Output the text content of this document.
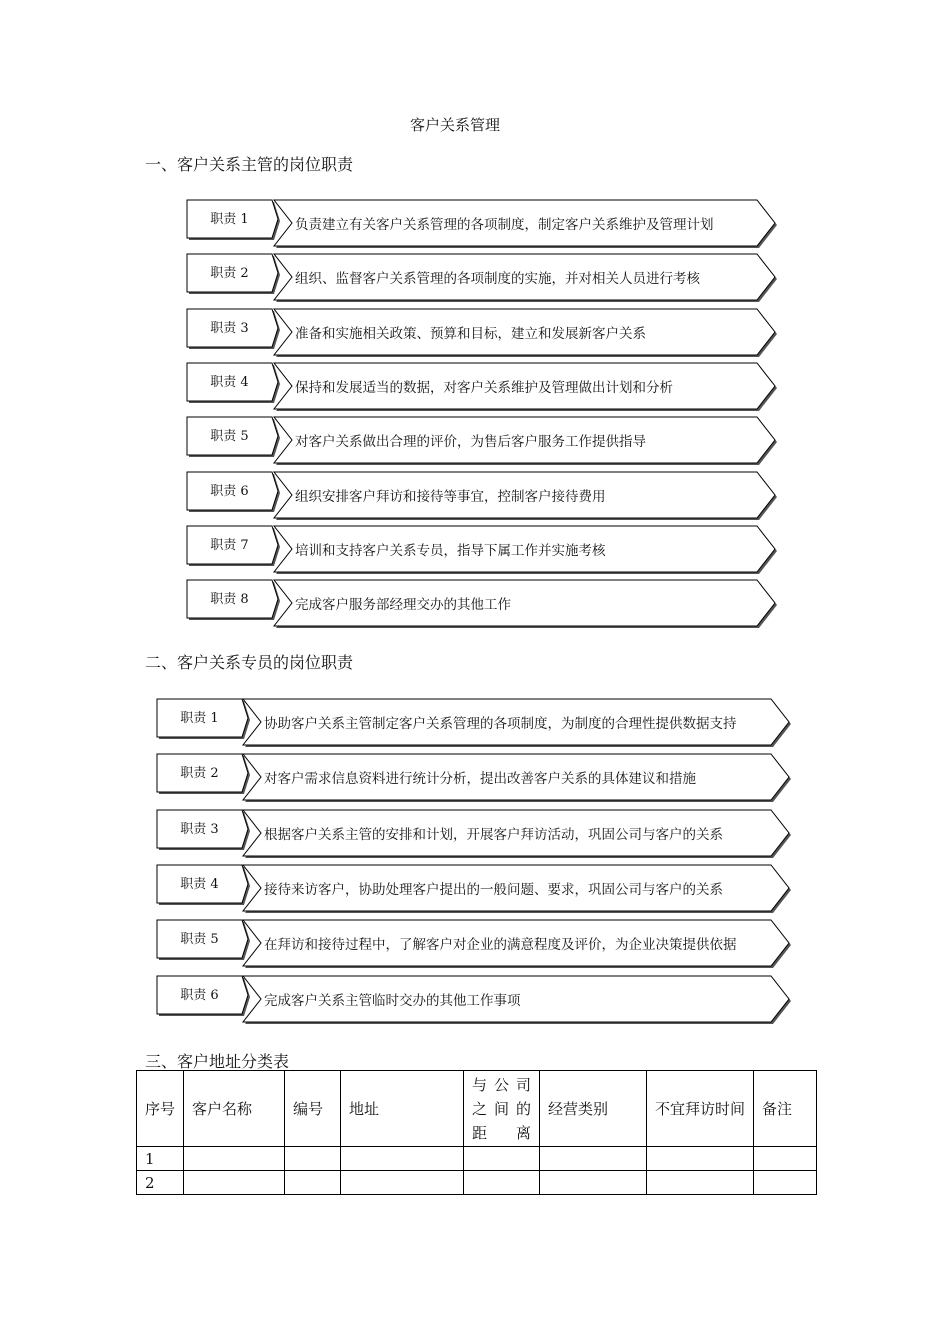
客户关系管理
一、客户关系主管的岗位职责
职责 1	负责建立有关客户关系管理的各项制度，制定客户关系维护及管理计划
职责 2	组织、监督客户关系管理的各项制度的实施，并对相关人员进行考核
职责 3	准备和实施相关政策、预算和目标，建立和发展新客户关系
职责 4	保持和发展适当的数据，对客户关系维护及管理做出计划和分析
职责 5	对客户关系做出合理的评价，为售后客户服务工作提供指导
职责 6	组织安排客户拜访和接待等事宜，控制客户接待费用
职责 7	培训和支持客户关系专员，指导下属工作并实施考核
职责 8	完成客户服务部经理交办的其他工作
二、客户关系专员的岗位职责
职责 1	协助客户关系主管制定客户关系管理的各项制度，为制度的合理性提供数据支持
职责 2	对客户需求信息资料进行统计分析，提出改善客户关系的具体建议和措施
职责 3	根据客户关系主管的安排和计划，开展客户拜访活动，巩固公司与客户的关系
职责 4	接待来访客户，协助处理客户提出的一般问题、要求，巩固公司与客户的关系
职责 5	在拜访和接待过程中，了解客户对企业的满意程度及评价，为企业决策提供依据
职责 6	完成客户关系主管临时交办的其他工作事项
三、客户地址分类表
序号	客户名称	编号	地址	与公司之间的距离	经营类别	不宜拜访时间	备注
1							
2							
